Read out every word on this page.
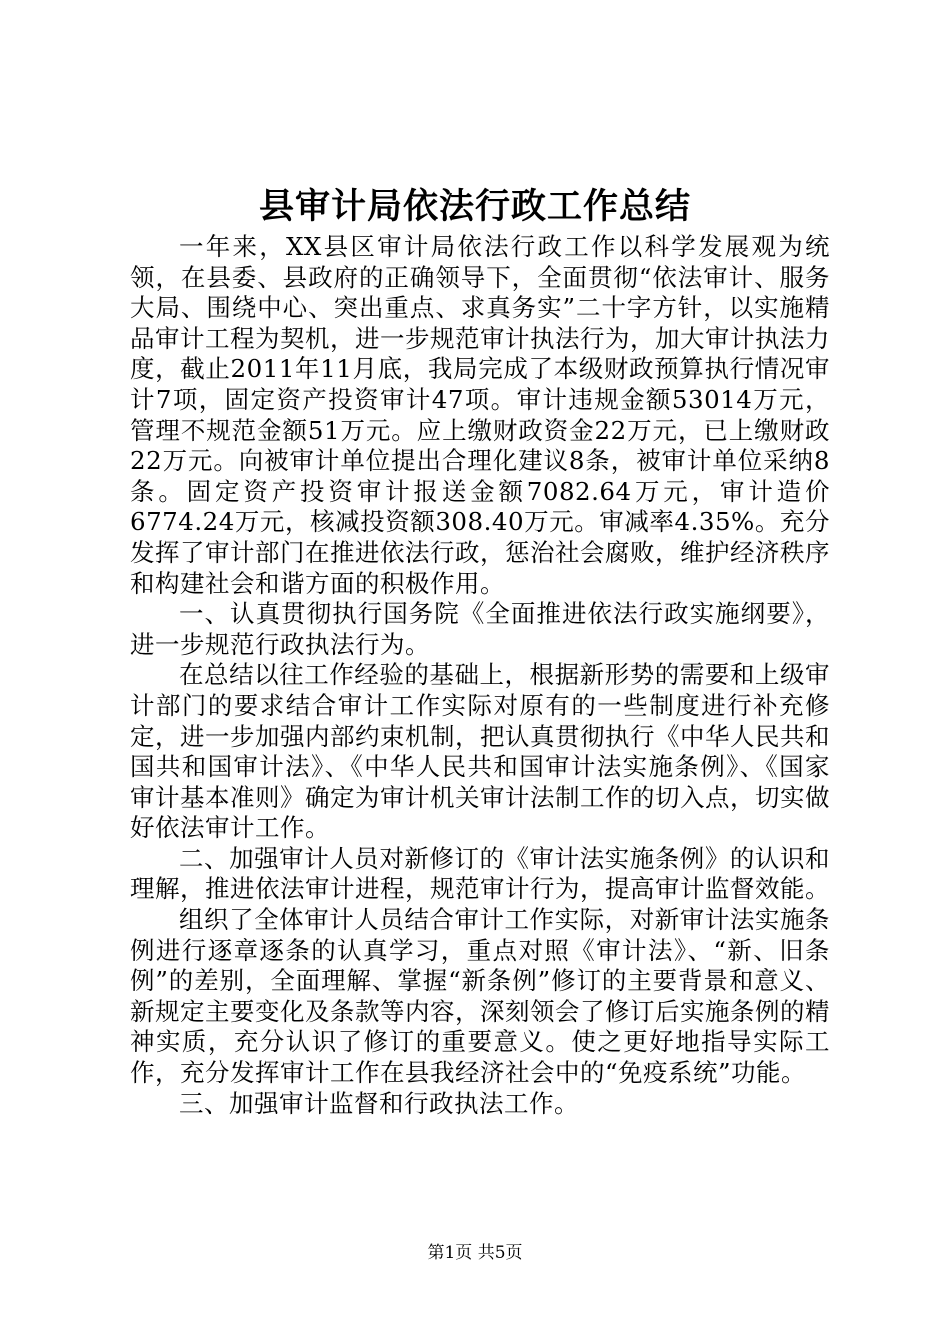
县审计局依法行政工作总结

一年来，XX县区审计局依法行政工作以科学发展观为统领，在县委、县政府的正确领导下，全面贯彻“依法审计、服务大局、围绕中心、突出重点、求真务实”二十字方针，以实施精品审计工程为契机，进一步规范审计执法行为，加大审计执法力度，截止2011年11月底，我局完成了本级财政预算执行情况审计7项，固定资产投资审计47项。审计违规金额53014万元，管理不规范金额51万元。应上缴财政资金22万元，已上缴财政22万元。向被审计单位提出合理化建议8条，被审计单位采纳8条。固定资产投资审计报送金额7082.64万元，审计造价6774.24万元，核减投资额308.40万元。审减率4.35%。充分发挥了审计部门在推进依法行政，惩治社会腐败，维护经济秩序和构建社会和谐方面的积极作用。

一、认真贯彻执行国务院《全面推进依法行政实施纲要》，进一步规范行政执法行为。

在总结以往工作经验的基础上，根据新形势的需要和上级审计部门的要求结合审计工作实际对原有的一些制度进行补充修定，进一步加强内部约束机制，把认真贯彻执行《中华人民共和国共和国审计法》、《中华人民共和国审计法实施条例》、《国家审计基本准则》确定为审计机关审计法制工作的切入点，切实做好依法审计工作。

二、加强审计人员对新修订的《审计法实施条例》的认识和理解，推进依法审计进程，规范审计行为，提高审计监督效能。

组织了全体审计人员结合审计工作实际，对新审计法实施条例进行逐章逐条的认真学习，重点对照《审计法》、“新、旧条例”的差别，全面理解、掌握“新条例”修订的主要背景和意义、新规定主要变化及条款等内容，深刻领会了修订后实施条例的精神实质，充分认识了修订的重要意义。使之更好地指导实际工作，充分发挥审计工作在县我经济社会中的“免疫系统”功能。

三、加强审计监督和行政执法工作。

第1页 共5页
